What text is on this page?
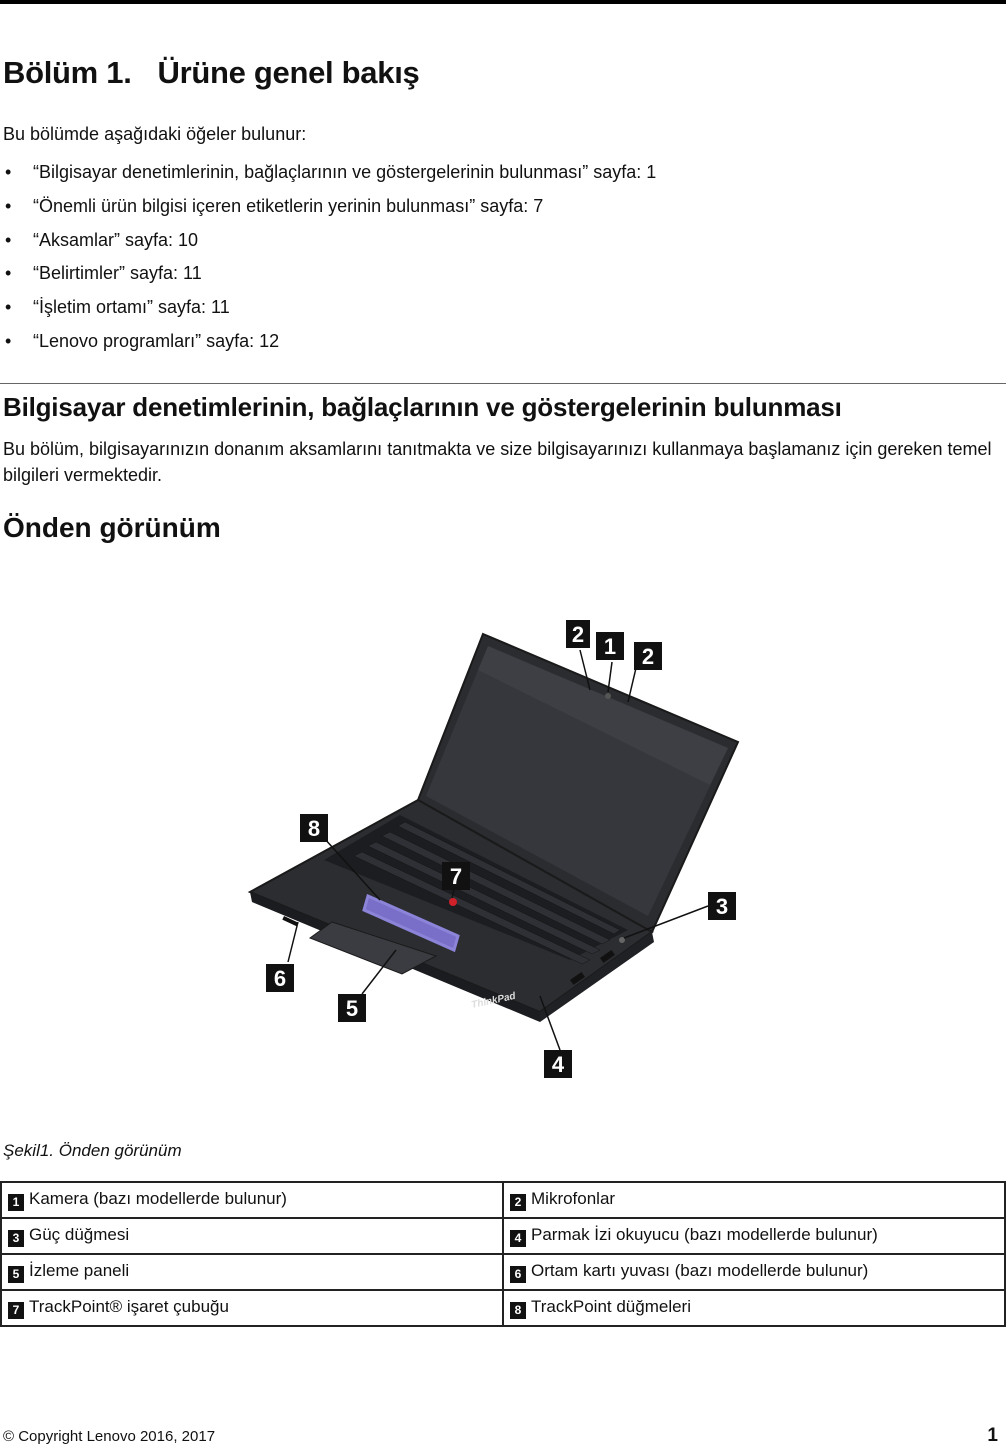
Bölüm 1. Ürüne genel bakış

Bu bölümde aşağıdaki öğeler bulunur:

• “Bilgisayar denetimlerinin, bağlaçlarının ve göstergelerinin bulunması” sayfa: 1
• “Önemli ürün bilgisi içeren etiketlerin yerinin bulunması” sayfa: 7
• “Aksamlar” sayfa: 10
• “Belirtimler” sayfa: 11
• “İşletim ortamı” sayfa: 11
• “Lenovo programları” sayfa: 12
Bilgisayar denetimlerinin, bağlaçlarının ve göstergelerinin bulunması

Bu bölüm, bilgisayarınızın donanım aksamlarını tanıtmakta ve size bilgisayarınızı kullanmaya başlamanız için gereken temel bilgileri vermektedir.

Önden görünüm
ThinkPad
2 1 2
3
8
7
6
5
4

Şekil1. Önden görünüm

1 Kamera (bazı modellerde bulunur)	2 Mikrofonlar
3 Güç düğmesi	4 Parmak İzi okuyucu (bazı modellerde bulunur)
5 İzleme paneli	6 Ortam kartı yuvası (bazı modellerde bulunur)
7 TrackPoint® işaret çubuğu	8 TrackPoint düğmeleri
© Copyright Lenovo 2016, 2017	1
